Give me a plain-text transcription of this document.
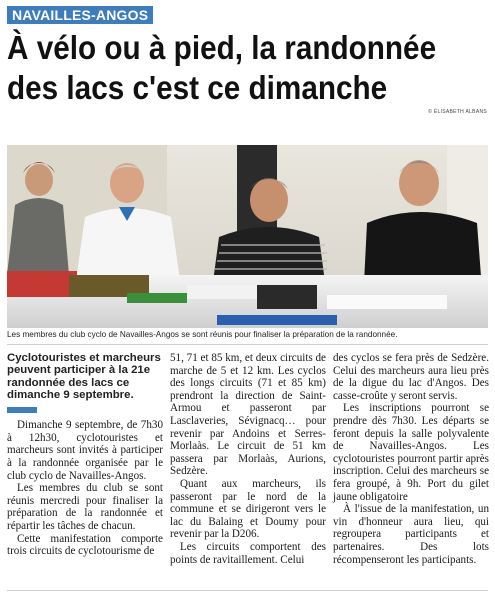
NAVAILLES-ANGOS
À vélo ou à pied, la randonnée
des lacs c'est ce dimanche
© ÉLISABETH ALBANS
Les membres du club cyclo de Navailles-Angos se sont réunis pour finaliser la préparation de la randonnée.
Cyclotouristes et marcheurs peuvent participer à la 21e randonnée des lacs ce dimanche 9 septembre.

Dimanche 9 septembre, de 7h30 à 12h30, cyclotouristes et marcheurs sont invités à participer à la randonnée organisée par le club cyclo de Navailles-Angos.

Les membres du club se sont réunis mercredi pour finaliser la préparation de la randonnée et répartir les tâches de chacun.

Cette manifestation comporte trois circuits de cyclotourisme de

51, 71 et 85 km, et deux circuits de marche de 5 et 12 km. Les cyclos des longs circuits (71 et 85 km) prendront la direction de Saint-Armou et passeront par Lasclaveries, Sévignacq… pour revenir par Andoins et Serres-Morlaàs. Le circuit de 51 km passera par Morlaàs, Aurions, Sedzère.

Quant aux marcheurs, ils passeront par le nord de la commune et se dirigeront vers le lac du Balaing et Doumy pour revenir par la D206.

Les circuits comportent des points de ravitaillement. Celui

des cyclos se fera près de Sedzère. Celui des marcheurs aura lieu près de la digue du lac d'Angos. Des casse-croûte y seront servis.

Les inscriptions pourront se prendre dès 7h30. Les départs se feront depuis la salle polyvalente de Navailles-Angos. Les cyclotouristes pourront partir après inscription. Celui des marcheurs se fera groupé, à 9h. Port du gilet jaune obligatoire

À l'issue de la manifestation, un vin d'honneur aura lieu, qui regroupera participants et partenaires. Des lots récompenseront les participants.
